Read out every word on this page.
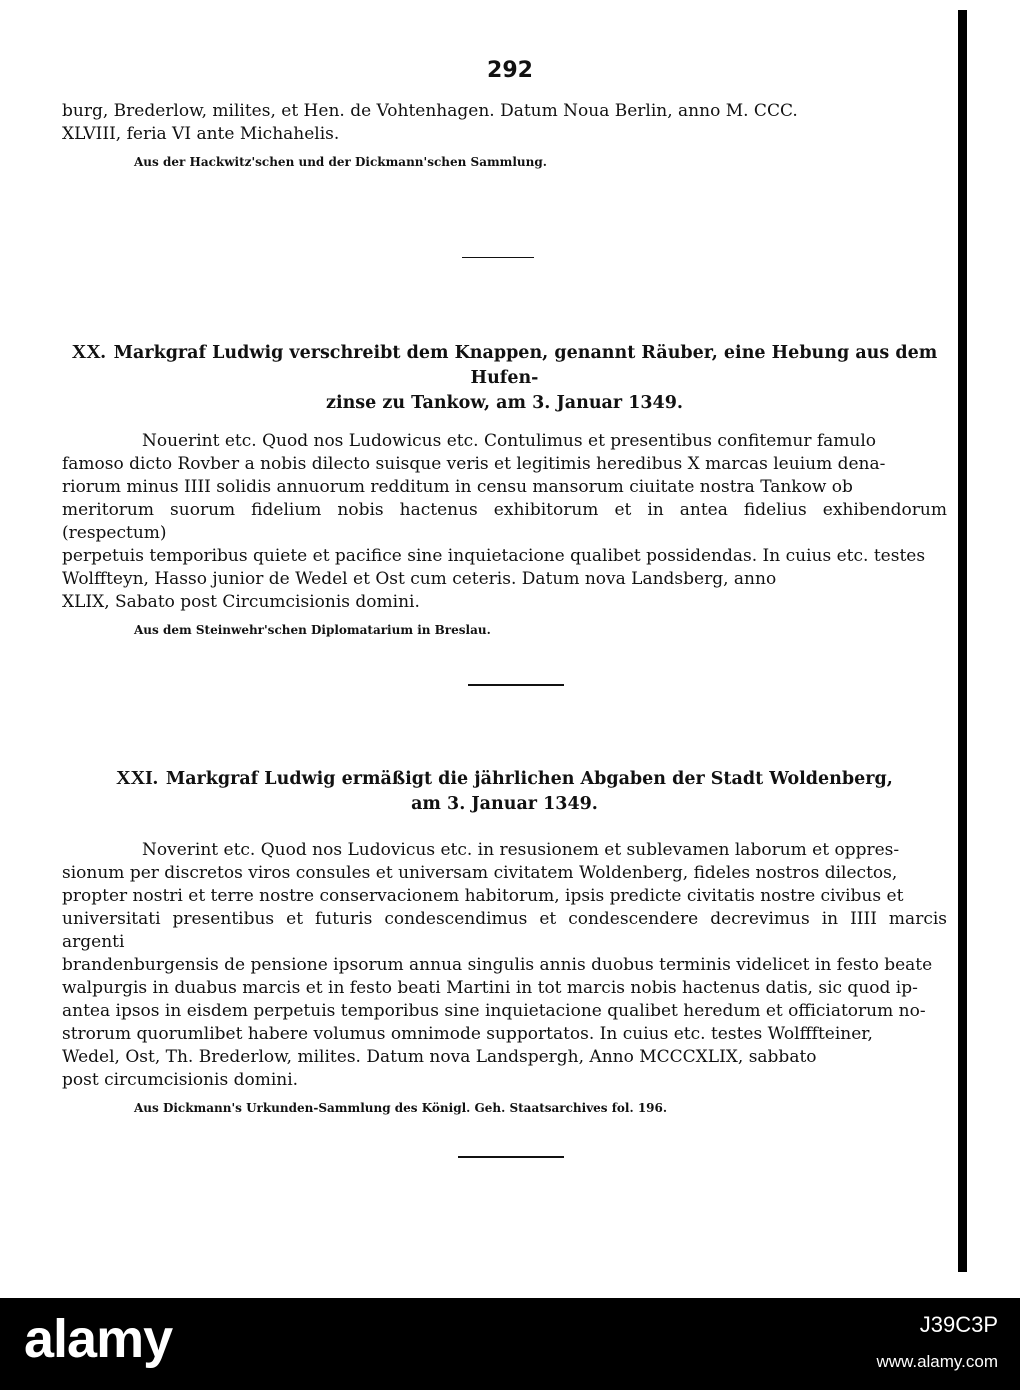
292

burg, Brederlow, milites, et Hen. de Vohtenhagen. Datum Noua Berlin, anno M. CCC.

XLVIII, feria VI ante Michahelis.

Aus der Hackwitz'schen und der Dickmann'schen Sammlung.

XX. Markgraf Ludwig verschreibt dem Knappen, genannt Räuber, eine Hebung aus dem Hufen-

zinse zu Tankow, am 3. Januar 1349.

Nouerint etc. Quod nos Ludowicus etc. Contulimus et presentibus confitemur famulo

famoso dicto Rovber a nobis dilecto suisque veris et legitimis heredibus X marcas leuium dena-

riorum minus IIII solidis annuorum redditum in censu mansorum ciuitate nostra Tankow ob

meritorum suorum fidelium nobis hactenus exhibitorum et in antea fidelius exhibendorum (respectum)

perpetuis temporibus quiete et pacifice sine inquietacione qualibet possidendas. In cuius etc. testes

Wolffteyn, Hasso junior de Wedel et Ost cum ceteris. Datum nova Landsberg, anno

XLIX, Sabato post Circumcisionis domini.

Aus dem Steinwehr'schen Diplomatarium in Breslau.

XXI. Markgraf Ludwig ermäßigt die jährlichen Abgaben der Stadt Woldenberg,

am 3. Januar 1349.

Noverint etc. Quod nos Ludovicus etc. in resusionem et sublevamen laborum et oppres-

sionum per discretos viros consules et universam civitatem Woldenberg, fideles nostros dilectos,

propter nostri et terre nostre conservacionem habitorum, ipsis predicte civitatis nostre civibus et

universitati presentibus et futuris condescendimus et condescendere decrevimus in IIII marcis argenti

brandenburgensis de pensione ipsorum annua singulis annis duobus terminis videlicet in festo beate

walpurgis in duabus marcis et in festo beati Martini in tot marcis nobis hactenus datis, sic quod ip-

antea ipsos in eisdem perpetuis temporibus sine inquietacione qualibet heredum et officiatorum no-

strorum quorumlibet habere volumus omnimode supportatos. In cuius etc. testes Wolfffteiner,

Wedel, Ost, Th. Brederlow, milites. Datum nova Landspergh, Anno MCCCXLIX, sabbato

post circumcisionis domini.

Aus Dickmann's Urkunden-Sammlung des Königl. Geh. Staatsarchives fol. 196.

alamy	J39C3P
www.alamy.com
